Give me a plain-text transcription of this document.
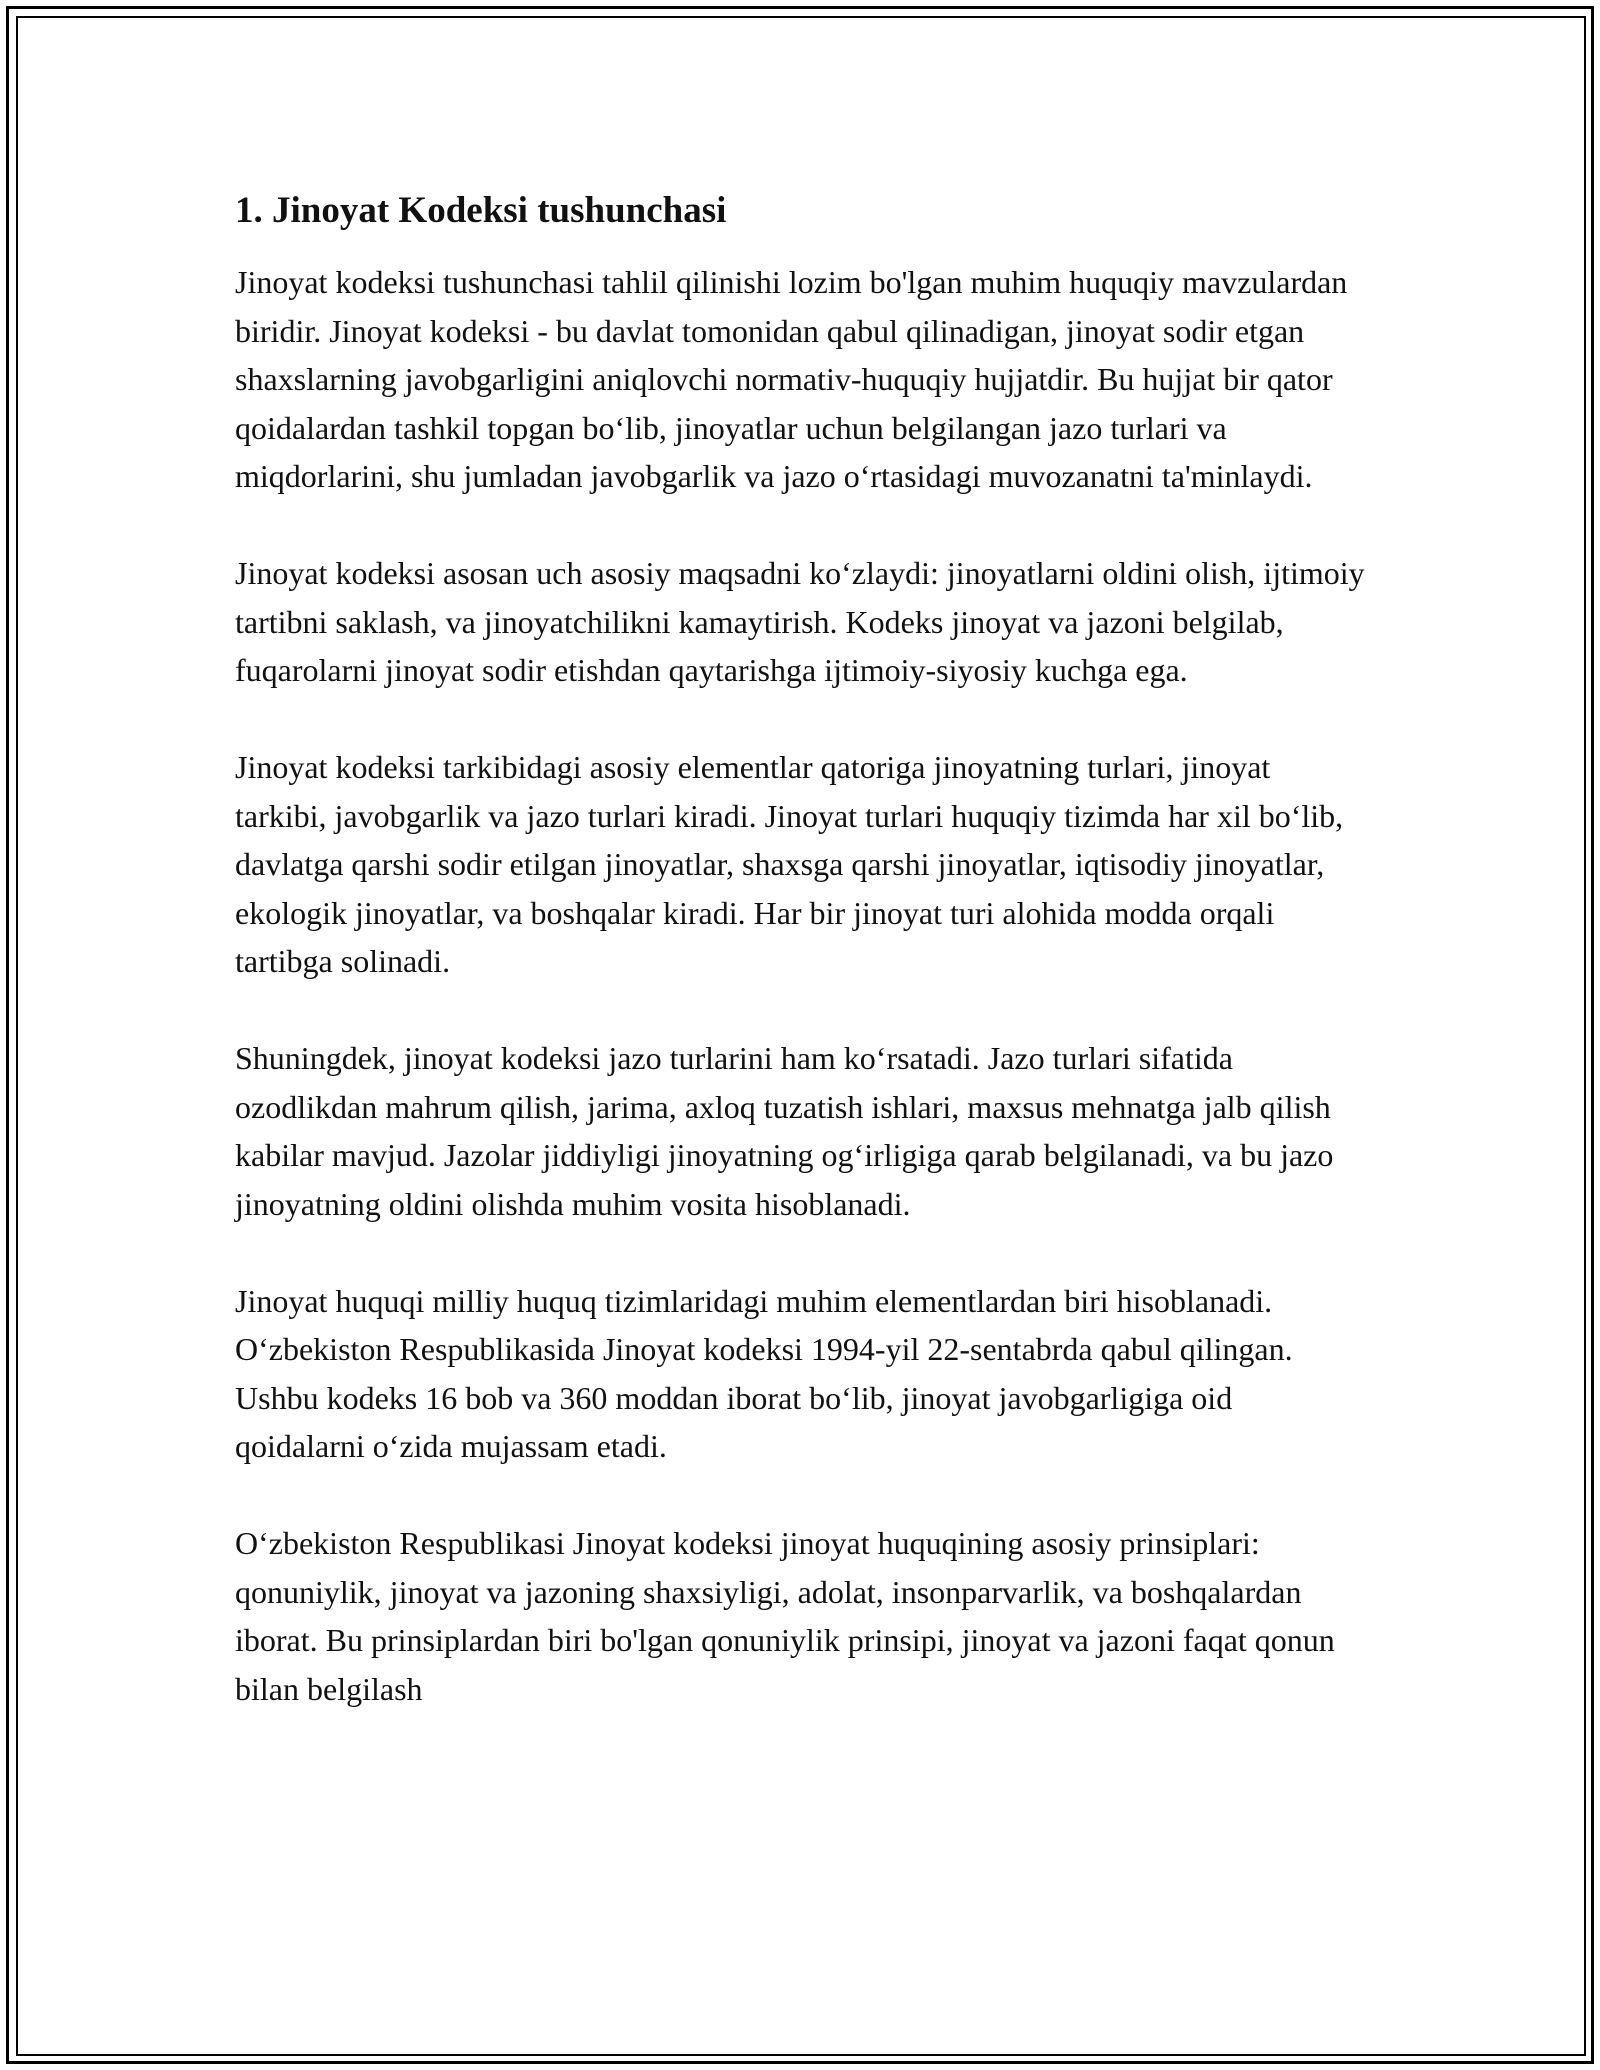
1. Jinoyat Kodeksi tushunchasi

Jinoyat kodeksi tushunchasi tahlil qilinishi lozim bo'lgan muhim huquqiy mavzulardan biridir. Jinoyat kodeksi - bu davlat tomonidan qabul qilinadigan, jinoyat sodir etgan shaxslarning javobgarligini aniqlovchi normativ-huquqiy hujjatdir. Bu hujjat bir qator qoidalardan tashkil topgan bo‘lib, jinoyatlar uchun belgilangan jazo turlari va miqdorlarini, shu jumladan javobgarlik va jazo o‘rtasidagi muvozanatni ta'minlaydi.

Jinoyat kodeksi asosan uch asosiy maqsadni ko‘zlaydi: jinoyatlarni oldini olish, ijtimoiy tartibni saklash, va jinoyatchilikni kamaytirish. Kodeks jinoyat va jazoni belgilab, fuqarolarni jinoyat sodir etishdan qaytarishga ijtimoiy-siyosiy kuchga ega.

Jinoyat kodeksi tarkibidagi asosiy elementlar qatoriga jinoyatning turlari, jinoyat tarkibi, javobgarlik va jazo turlari kiradi. Jinoyat turlari huquqiy tizimda har xil bo‘lib, davlatga qarshi sodir etilgan jinoyatlar, shaxsga qarshi jinoyatlar, iqtisodiy jinoyatlar, ekologik jinoyatlar, va boshqalar kiradi. Har bir jinoyat turi alohida modda orqali tartibga solinadi.

Shuningdek, jinoyat kodeksi jazo turlarini ham ko‘rsatadi. Jazo turlari sifatida ozodlikdan mahrum qilish, jarima, axloq tuzatish ishlari, maxsus mehnatga jalb qilish kabilar mavjud. Jazolar jiddiyligi jinoyatning og‘irligiga qarab belgilanadi, va bu jazo jinoyatning oldini olishda muhim vosita hisoblanadi.

Jinoyat huquqi milliy huquq tizimlaridagi muhim elementlardan biri hisoblanadi. O‘zbekiston Respublikasida Jinoyat kodeksi 1994-yil 22-sentabrda qabul qilingan. Ushbu kodeks 16 bob va 360 moddan iborat bo‘lib, jinoyat javobgarligiga oid qoidalarni o‘zida mujassam etadi.

O‘zbekiston Respublikasi Jinoyat kodeksi jinoyat huquqining asosiy prinsiplari: qonuniylik, jinoyat va jazoning shaxsiyligi, adolat, insonparvarlik, va boshqalardan iborat. Bu prinsiplardan biri bo'lgan qonuniylik prinsipi, jinoyat va jazoni faqat qonun bilan belgilash
